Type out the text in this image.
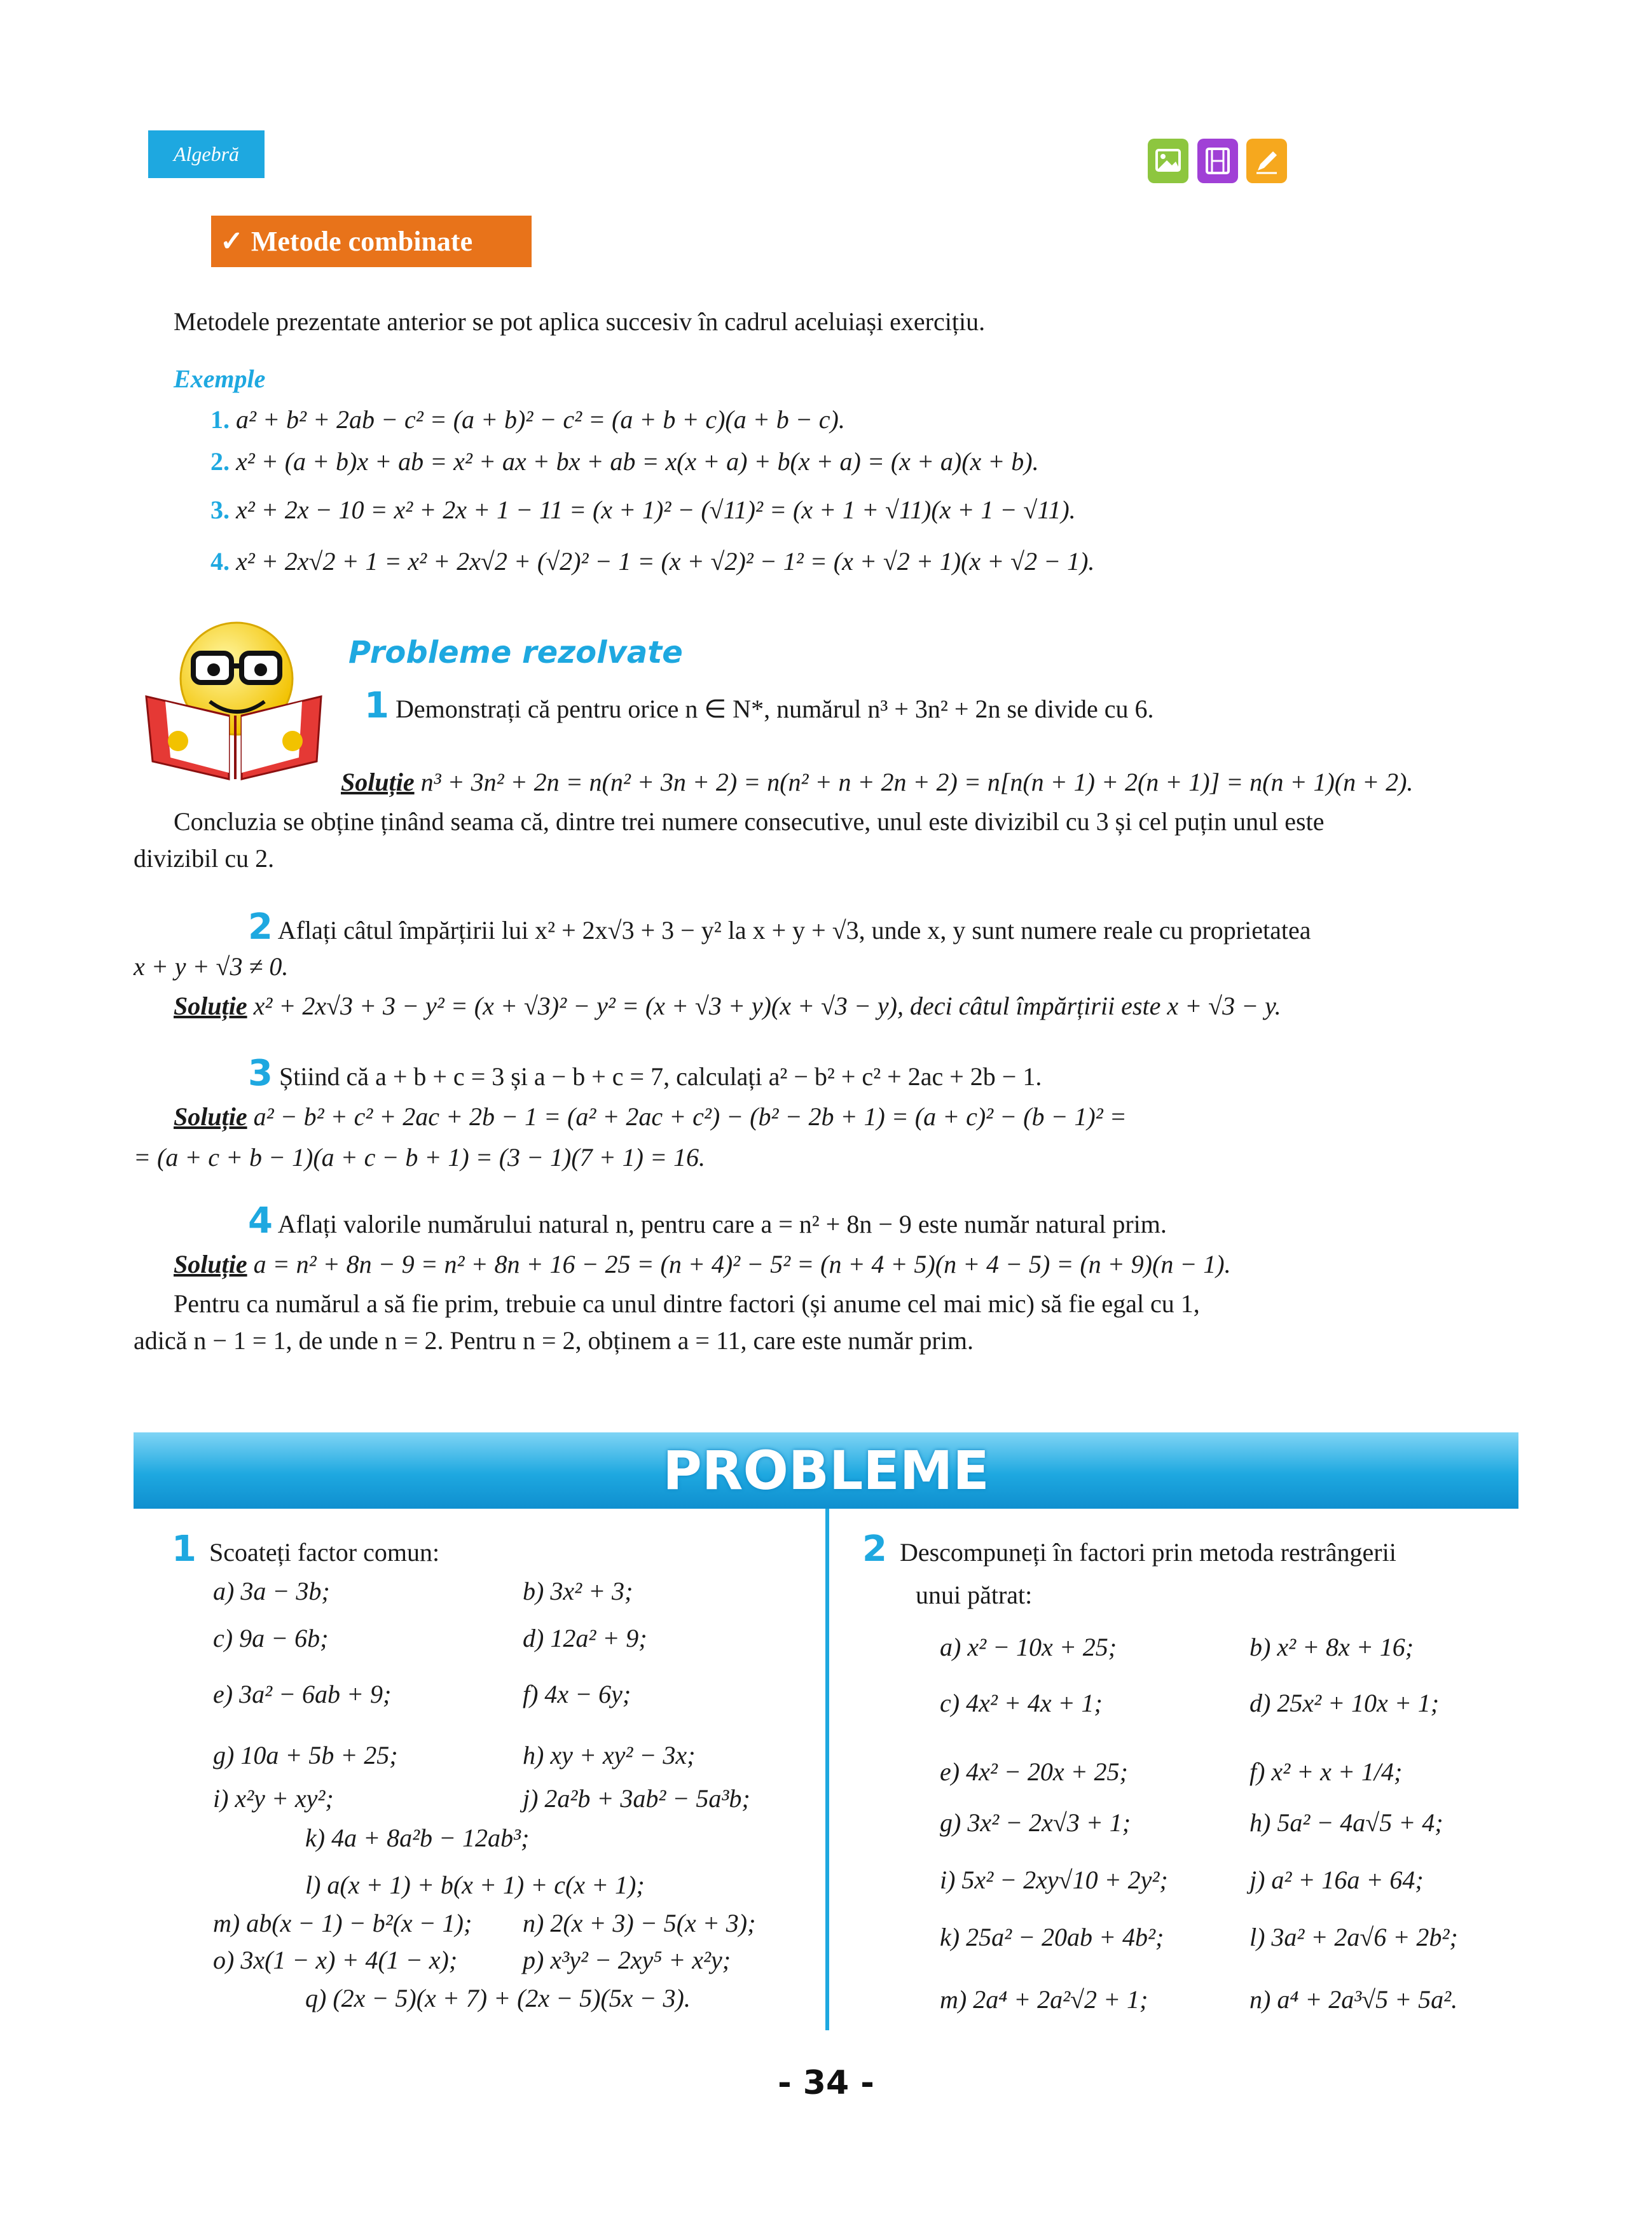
Algebră
✓ Metode combinate
Metodele prezentate anterior se pot aplica succesiv în cadrul aceluiași exercițiu.
Exemple
1. a² + b² + 2ab − c² = (a + b)² − c² = (a + b + c)(a + b − c).
2. x² + (a + b)x + ab = x² + ax + bx + ab = x(x + a) + b(x + a) = (x + a)(x + b).
3. x² + 2x − 10 = x² + 2x + 1 − 11 = (x + 1)² − (√11)² = (x + 1 + √11)(x + 1 − √11).
4. x² + 2x√2 + 1 = x² + 2x√2 + (√2)² − 1 = (x + √2)² − 1² = (x + √2 + 1)(x + √2 − 1).
Probleme rezolvate
1 Demonstrați că pentru orice n ∈ N*, numărul n³ + 3n² + 2n se divide cu 6.
Soluție n³ + 3n² + 2n = n(n² + 3n + 2) = n(n² + n + 2n + 2) = n[n(n + 1) + 2(n + 1)] = n(n + 1)(n + 2).
Concluzia se obține ținând seama că, dintre trei numere consecutive, unul este divizibil cu 3 și cel puțin unul este
divizibil cu 2.
2 Aflați câtul împărțirii lui x² + 2x√3 + 3 − y² la x + y + √3, unde x, y sunt numere reale cu proprietatea
x + y + √3 ≠ 0.
Soluție x² + 2x√3 + 3 − y² = (x + √3)² − y² = (x + √3 + y)(x + √3 − y), deci câtul împărțirii este x + √3 − y.
3 Știind că a + b + c = 3 și a − b + c = 7, calculați a² − b² + c² + 2ac + 2b − 1.
Soluție a² − b² + c² + 2ac + 2b − 1 = (a² + 2ac + c²) − (b² − 2b + 1) = (a + c)² − (b − 1)² =
= (a + c + b − 1)(a + c − b + 1) = (3 − 1)(7 + 1) = 16.
4 Aflați valorile numărului natural n, pentru care a = n² + 8n − 9 este număr natural prim.
Soluție a = n² + 8n − 9 = n² + 8n + 16 − 25 = (n + 4)² − 5² = (n + 4 + 5)(n + 4 − 5) = (n + 9)(n − 1).
Pentru ca numărul a să fie prim, trebuie ca unul dintre factori (și anume cel mai mic) să fie egal cu 1,
adică n − 1 = 1, de unde n = 2. Pentru n = 2, obținem a = 11, care este număr prim.
PROBLEME
1 Scoateți factor comun:
a) 3a − 3b;	b) 3x² + 3;
c) 9a − 6b;	d) 12a² + 9;
e) 3a² − 6ab + 9;	f) 4x − 6y;
g) 10a + 5b + 25;	h) xy + xy² − 3x;
i) x²y + xy²;	j) 2a²b + 3ab² − 5a³b;
k) 4a + 8a²b − 12ab³;
l) a(x + 1) + b(x + 1) + c(x + 1);
m) ab(x − 1) − b²(x − 1); n) 2(x + 3) − 5(x + 3);
o) 3x(1 − x) + 4(1 − x);	p) x³y² − 2xy⁵ + x²y;
q) (2x − 5)(x + 7) + (2x − 5)(5x − 3).
2 Descompuneți în factori prin metoda restrângerii
unui pătrat:
a) x² − 10x + 25;	b) x² + 8x + 16;
c) 4x² + 4x + 1;	d) 25x² + 10x + 1;
e) 4x² − 20x + 25;	f) x² + x + 1/4;
g) 3x² − 2x√3 + 1;	h) 5a² − 4a√5 + 4;
i) 5x² − 2xy√10 + 2y²;	j) a² + 16a + 64;
k) 25a² − 20ab + 4b²;	l) 3a² + 2a√6 + 2b²;
m) 2a⁴ + 2a²√2 + 1;	n) a⁴ + 2a³√5 + 5a².
- 34 -
